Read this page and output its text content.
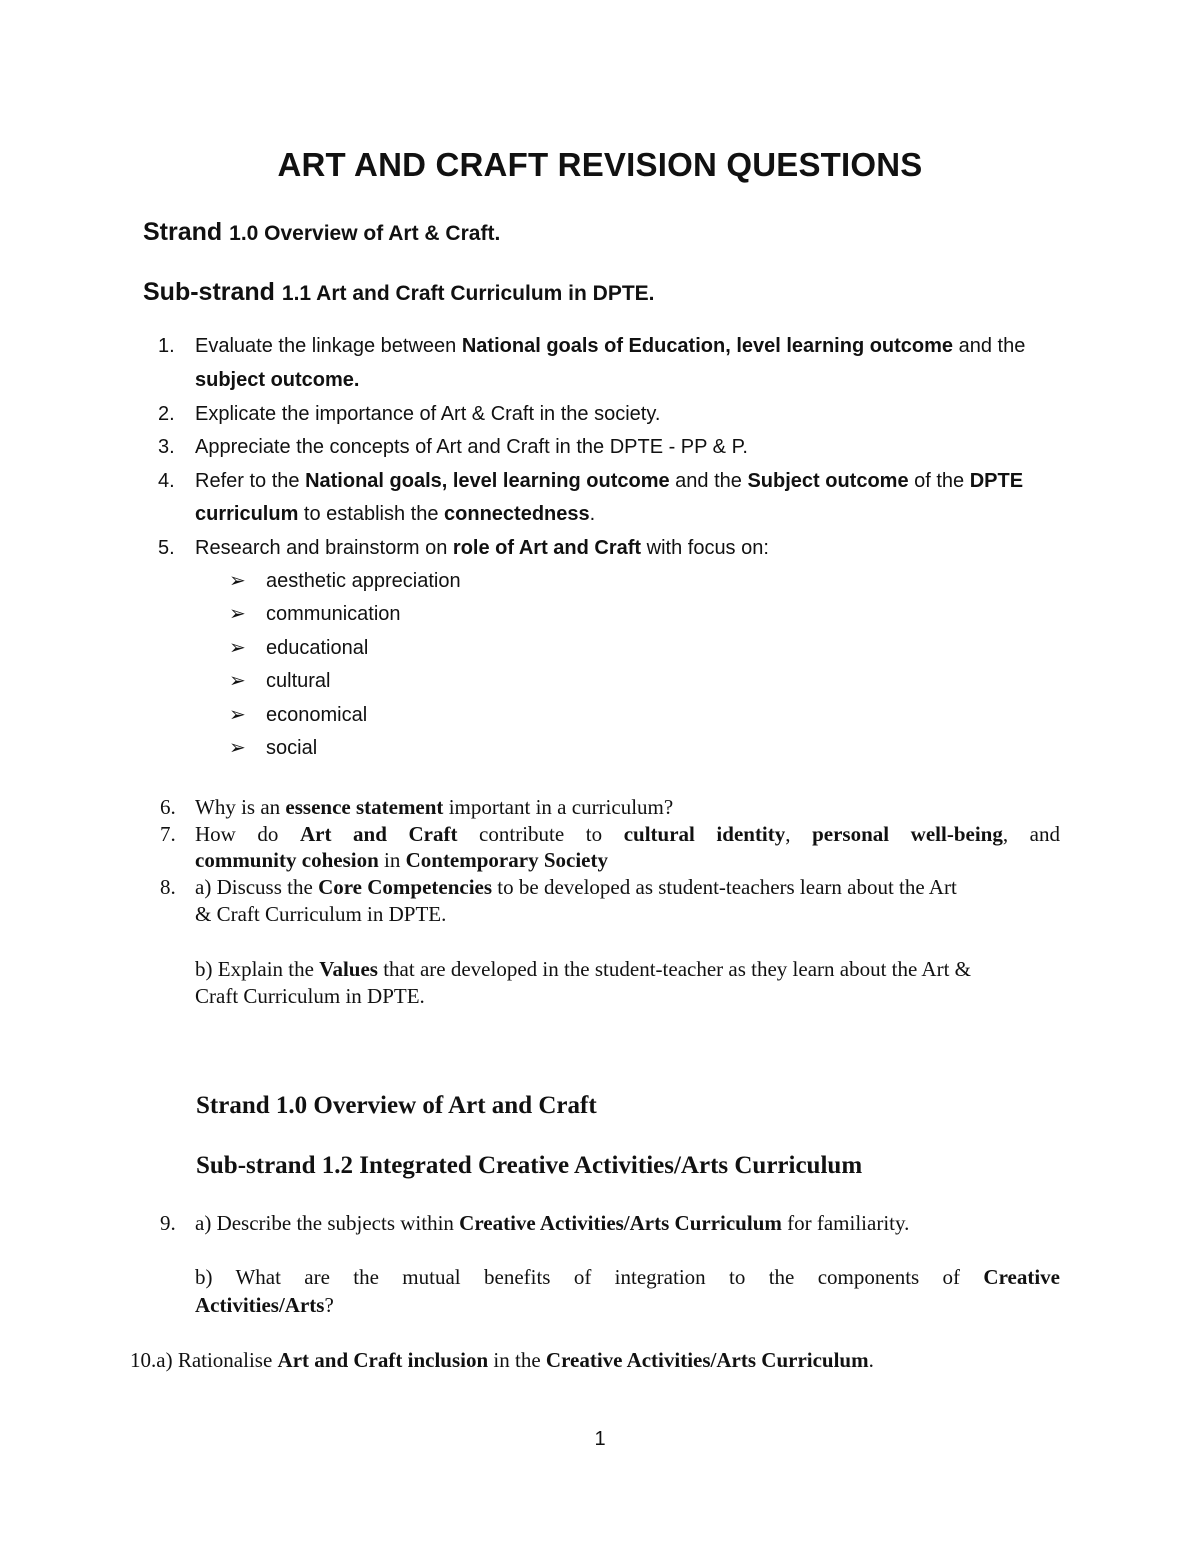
ART AND CRAFT REVISION QUESTIONS
Strand 1.0 Overview of Art & Craft.
Sub-strand 1.1 Art and Craft Curriculum in DPTE.
1.	Evaluate the linkage between National goals of Education, level learning outcome and the
subject outcome.
2.	Explicate the importance of Art & Craft in the society.
3.	Appreciate the concepts of Art and Craft in the DPTE - PP & P.
4.	Refer to the National goals, level learning outcome and the Subject outcome of the DPTE
curriculum to establish the connectedness.
5.	Research and brainstorm on role of Art and Craft with focus on:
➢ aesthetic appreciation
➢ communication
➢ educational
➢ cultural
➢ economical
➢ social
6. Why is an essence statement important in a curriculum?
7. How do Art and Craft contribute to cultural identity, personal well-being, and
community cohesion in Contemporary Society
8. a) Discuss the Core Competencies to be developed as student-teachers learn about the Art
& Craft Curriculum in DPTE.
b) Explain the Values that are developed in the student-teacher as they learn about the Art &
Craft Curriculum in DPTE.
Strand 1.0 Overview of Art and Craft
Sub-strand 1.2 Integrated Creative Activities/Arts Curriculum
9. a) Describe the subjects within Creative Activities/Arts Curriculum for familiarity.
b) What are the mutual benefits of integration to the components of Creative
Activities/Arts?
10.a) Rationalise Art and Craft inclusion in the Creative Activities/Arts Curriculum.
1
